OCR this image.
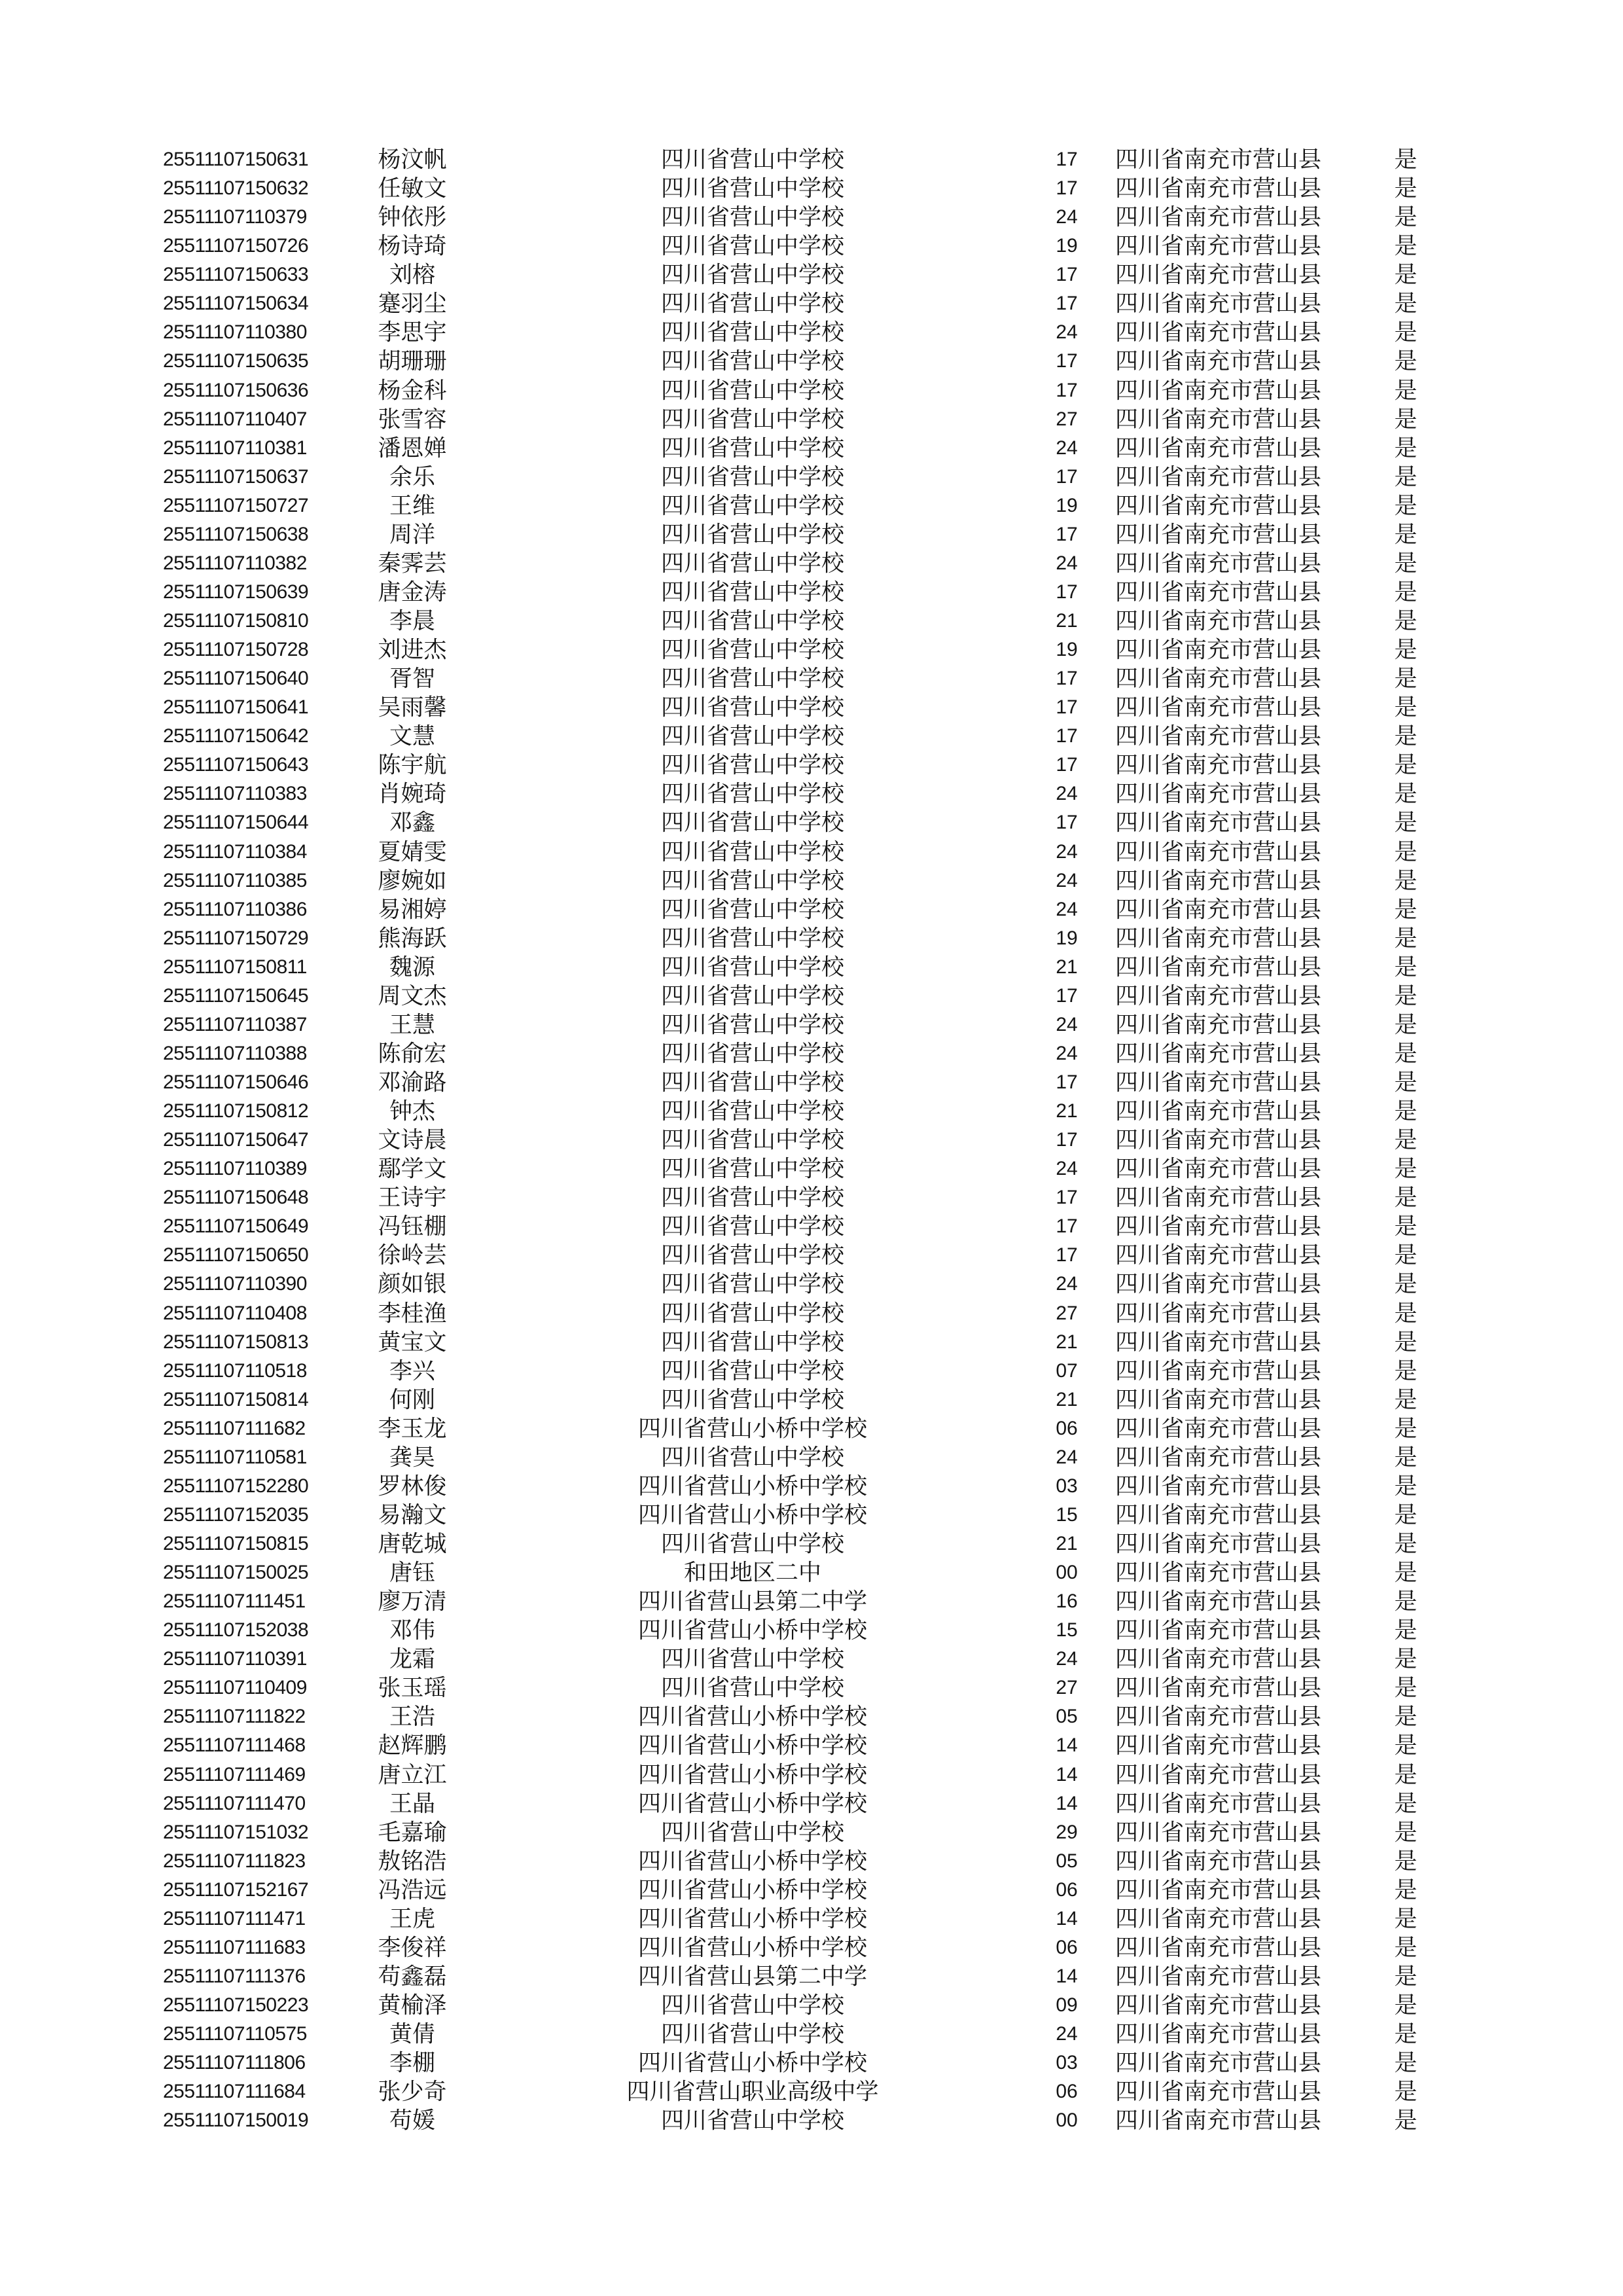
25511107150631	杨汶帆	四川省营山中学校	17	四川省南充市营山县	是
25511107150632	任敏文	四川省营山中学校	17	四川省南充市营山县	是
25511107110379	钟依彤	四川省营山中学校	24	四川省南充市营山县	是
25511107150726	杨诗琦	四川省营山中学校	19	四川省南充市营山县	是
25511107150633	刘榕	四川省营山中学校	17	四川省南充市营山县	是
25511107150634	蹇羽尘	四川省营山中学校	17	四川省南充市营山县	是
25511107110380	李思宇	四川省营山中学校	24	四川省南充市营山县	是
25511107150635	胡珊珊	四川省营山中学校	17	四川省南充市营山县	是
25511107150636	杨金科	四川省营山中学校	17	四川省南充市营山县	是
25511107110407	张雪容	四川省营山中学校	27	四川省南充市营山县	是
25511107110381	潘恩婵	四川省营山中学校	24	四川省南充市营山县	是
25511107150637	余乐	四川省营山中学校	17	四川省南充市营山县	是
25511107150727	王维	四川省营山中学校	19	四川省南充市营山县	是
25511107150638	周洋	四川省营山中学校	17	四川省南充市营山县	是
25511107110382	秦霁芸	四川省营山中学校	24	四川省南充市营山县	是
25511107150639	唐金涛	四川省营山中学校	17	四川省南充市营山县	是
25511107150810	李晨	四川省营山中学校	21	四川省南充市营山县	是
25511107150728	刘进杰	四川省营山中学校	19	四川省南充市营山县	是
25511107150640	胥智	四川省营山中学校	17	四川省南充市营山县	是
25511107150641	吴雨馨	四川省营山中学校	17	四川省南充市营山县	是
25511107150642	文慧	四川省营山中学校	17	四川省南充市营山县	是
25511107150643	陈宇航	四川省营山中学校	17	四川省南充市营山县	是
25511107110383	肖婉琦	四川省营山中学校	24	四川省南充市营山县	是
25511107150644	邓鑫	四川省营山中学校	17	四川省南充市营山县	是
25511107110384	夏婧雯	四川省营山中学校	24	四川省南充市营山县	是
25511107110385	廖婉如	四川省营山中学校	24	四川省南充市营山县	是
25511107110386	易湘婷	四川省营山中学校	24	四川省南充市营山县	是
25511107150729	熊海跃	四川省营山中学校	19	四川省南充市营山县	是
25511107150811	魏源	四川省营山中学校	21	四川省南充市营山县	是
25511107150645	周文杰	四川省营山中学校	17	四川省南充市营山县	是
25511107110387	王慧	四川省营山中学校	24	四川省南充市营山县	是
25511107110388	陈俞宏	四川省营山中学校	24	四川省南充市营山县	是
25511107150646	邓渝路	四川省营山中学校	17	四川省南充市营山县	是
25511107150812	钟杰	四川省营山中学校	21	四川省南充市营山县	是
25511107150647	文诗晨	四川省营山中学校	17	四川省南充市营山县	是
25511107110389	鄢学文	四川省营山中学校	24	四川省南充市营山县	是
25511107150648	王诗宇	四川省营山中学校	17	四川省南充市营山县	是
25511107150649	冯钰棚	四川省营山中学校	17	四川省南充市营山县	是
25511107150650	徐岭芸	四川省营山中学校	17	四川省南充市营山县	是
25511107110390	颜如银	四川省营山中学校	24	四川省南充市营山县	是
25511107110408	李桂渔	四川省营山中学校	27	四川省南充市营山县	是
25511107150813	黄宝文	四川省营山中学校	21	四川省南充市营山县	是
25511107110518	李兴	四川省营山中学校	07	四川省南充市营山县	是
25511107150814	何刚	四川省营山中学校	21	四川省南充市营山县	是
25511107111682	李玉龙	四川省营山小桥中学校	06	四川省南充市营山县	是
25511107110581	龚昊	四川省营山中学校	24	四川省南充市营山县	是
25511107152280	罗林俊	四川省营山小桥中学校	03	四川省南充市营山县	是
25511107152035	易瀚文	四川省营山小桥中学校	15	四川省南充市营山县	是
25511107150815	唐乾城	四川省营山中学校	21	四川省南充市营山县	是
25511107150025	唐钰	和田地区二中	00	四川省南充市营山县	是
25511107111451	廖万清	四川省营山县第二中学	16	四川省南充市营山县	是
25511107152038	邓伟	四川省营山小桥中学校	15	四川省南充市营山县	是
25511107110391	龙霜	四川省营山中学校	24	四川省南充市营山县	是
25511107110409	张玉瑶	四川省营山中学校	27	四川省南充市营山县	是
25511107111822	王浩	四川省营山小桥中学校	05	四川省南充市营山县	是
25511107111468	赵辉鹏	四川省营山小桥中学校	14	四川省南充市营山县	是
25511107111469	唐立江	四川省营山小桥中学校	14	四川省南充市营山县	是
25511107111470	王晶	四川省营山小桥中学校	14	四川省南充市营山县	是
25511107151032	毛嘉瑜	四川省营山中学校	29	四川省南充市营山县	是
25511107111823	敖铭浩	四川省营山小桥中学校	05	四川省南充市营山县	是
25511107152167	冯浩远	四川省营山小桥中学校	06	四川省南充市营山县	是
25511107111471	王虎	四川省营山小桥中学校	14	四川省南充市营山县	是
25511107111683	李俊祥	四川省营山小桥中学校	06	四川省南充市营山县	是
25511107111376	苟鑫磊	四川省营山县第二中学	14	四川省南充市营山县	是
25511107150223	黄榆泽	四川省营山中学校	09	四川省南充市营山县	是
25511107110575	黄倩	四川省营山中学校	24	四川省南充市营山县	是
25511107111806	李棚	四川省营山小桥中学校	03	四川省南充市营山县	是
25511107111684	张少奇	四川省营山职业高级中学	06	四川省南充市营山县	是
25511107150019	苟媛	四川省营山中学校	00	四川省南充市营山县	是
